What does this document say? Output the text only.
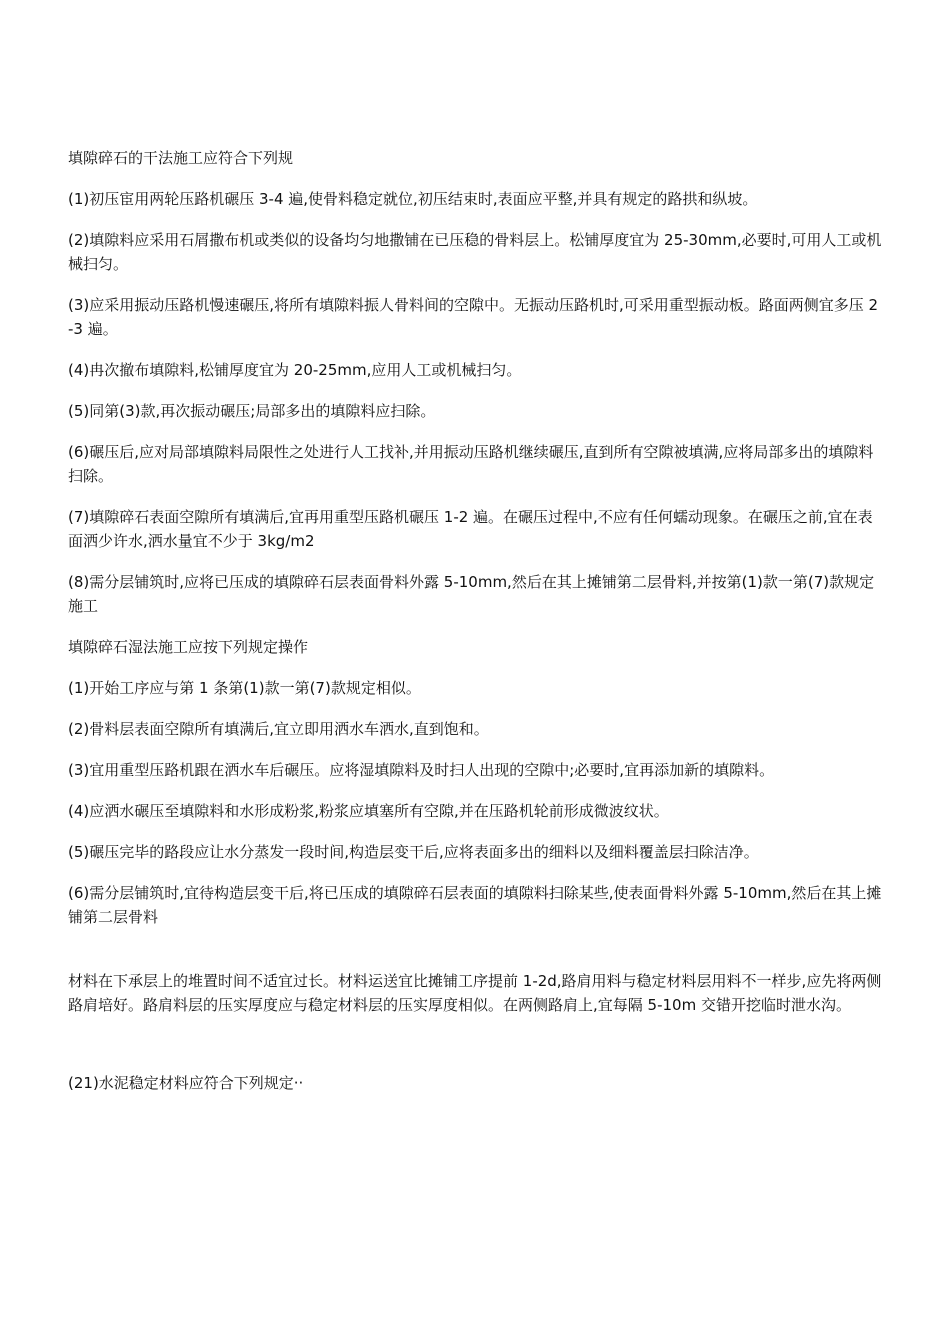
填隙碎石的干法施工应符合下列规

(1)初压宦用两轮压路机碾压 3-4 遍,使骨料稳定就位,初压结束时,表面应平整,并具有规定的路拱和纵坡。

(2)填隙料应采用石屑撒布机或类似的设备均匀地撒铺在已压稳的骨料层上。松铺厚度宜为 25-30mm,必要时,可用人工或机械扫匀。

(3)应采用振动压路机慢速碾压,将所有填隙料振人骨料间的空隙中。无振动压路机时,可采用重型振动板。路面两侧宜多压 2-3 遍。

(4)冉次撤布填隙料,松铺厚度宜为 20-25mm,应用人工或机械扫匀。

(5)同第(3)款,再次振动碾压;局部多出的填隙料应扫除。

(6)碾压后,应对局部填隙料局限性之处进行人工找补,并用振动压路机继续碾压,直到所有空隙被填满,应将局部多出的填隙料扫除。

(7)填隙碎石表面空隙所有填满后,宜再用重型压路机碾压 1-2 遍。在碾压过程中,不应有任何蠕动现象。在碾压之前,宜在表面洒少许水,洒水量宜不少于 3kg/m2

(8)需分层铺筑时,应将已压成的填隙碎石层表面骨料外露 5-10mm,然后在其上摊铺第二层骨料,并按第(1)款一第(7)款规定施工

填隙碎石湿法施工应按下列规定操作

(1)开始工序应与第 1 条第(1)款一第(7)款规定相似。

(2)骨料层表面空隙所有填满后,宜立即用洒水车洒水,直到饱和。

(3)宜用重型压路机跟在洒水车后碾压。应将湿填隙料及时扫人出现的空隙中;必要时,宜再添加新的填隙料。

(4)应洒水碾压至填隙料和水形成粉浆,粉浆应填塞所有空隙,并在压路机轮前形成微波纹状。

(5)碾压完毕的路段应让水分蒸发一段时间,构造层变干后,应将表面多出的细料以及细料覆盖层扫除洁净。

(6)需分层铺筑时,宜待构造层变干后,将已压成的填隙碎石层表面的填隙料扫除某些,使表面骨料外露 5-10mm,然后在其上摊铺第二层骨料

材料在下承层上的堆置时间不适宜过长。材料运送宜比摊铺工序提前 1-2d,路肩用料与稳定材料层用料不一样步,应先将两侧路肩培好。路肩料层的压实厚度应与稳定材料层的压实厚度相似。在两侧路肩上,宜每隔 5-10m 交错开挖临时泄水沟。

(21)水泥稳定材料应符合下列规定··
